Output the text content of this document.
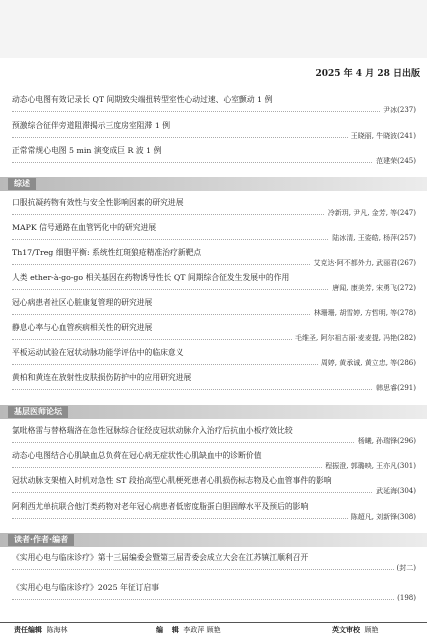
2025 年 4 月 28 日出版
动态心电图有效记录长 QT 间期致尖端扭转型室性心动过速、心室颤动 1 例
尹冰(237)
预激综合征伴旁道阻滞揭示三度房室阻滞 1 例
王晓丽, 牛晓波(241)
正常常规心电图 5 min 演变成巨 R 波 1 例
范建荣(245)
综述
口服抗凝药物有效性与安全性影响因素的研究进展
冷新玥, 尹凡, 金芳, 等(247)
MAPK 信号通路在血管钙化中的研究进展
陆冰清, 王姿皓, 杨萍(257)
Th17/Treg 细胞平衡: 系统性红斑狼疮精准治疗新靶点
艾克达·阿不都外力, 武丽君(267)
人类 ether-à-go-go 相关基因在药物诱导性长 QT 间期综合征发生发展中的作用
唐闻, 康美芳, 宋勇飞(272)
冠心病患者社区心脏康复管理的研究进展
林珊珊, 胡雪婷, 方哲明, 等(278)
静息心率与心血管疾病相关性的研究进展
毛维圣, 阿尔祖古丽·麦麦提, 冯艳(282)
平板运动试验在冠状动脉功能学评估中的临床意义
周婷, 黄承诚, 黄立忠, 等(286)
黄柏和黄连在放射性皮肤损伤防护中的应用研究进展
韩思睿(291)
基层医师论坛
氯吡格雷与替格瑞洛在急性冠脉综合征经皮冠状动脉介入治疗后抗血小板疗效比较
杨曦, 孙瑞锋(296)
动态心电图结合心肌缺血总负荷在冠心病无症状性心肌缺血中的诊断价值
程振澄, 郭璐映, 王亦凡(301)
冠状动脉支架植入时机对急性 ST 段抬高型心肌梗死患者心肌损伤标志物及心血管事件的影响
武延海(304)
阿利西尤单抗联合他汀类药物对老年冠心病患者低密度脂蛋白胆固醇水平及预后的影响
陈超凡, 刘新锋(308)
读者·作者·编者
《实用心电与临床诊疗》第十三届编委会暨第三届青委会成立大会在江苏镇江顺利召开
(封二)
《实用心电与临床诊疗》2025 年征订启事
(198)
责任编辑 陈海林	编 辑 李政萍 顾艳	英文审校 顾艳
